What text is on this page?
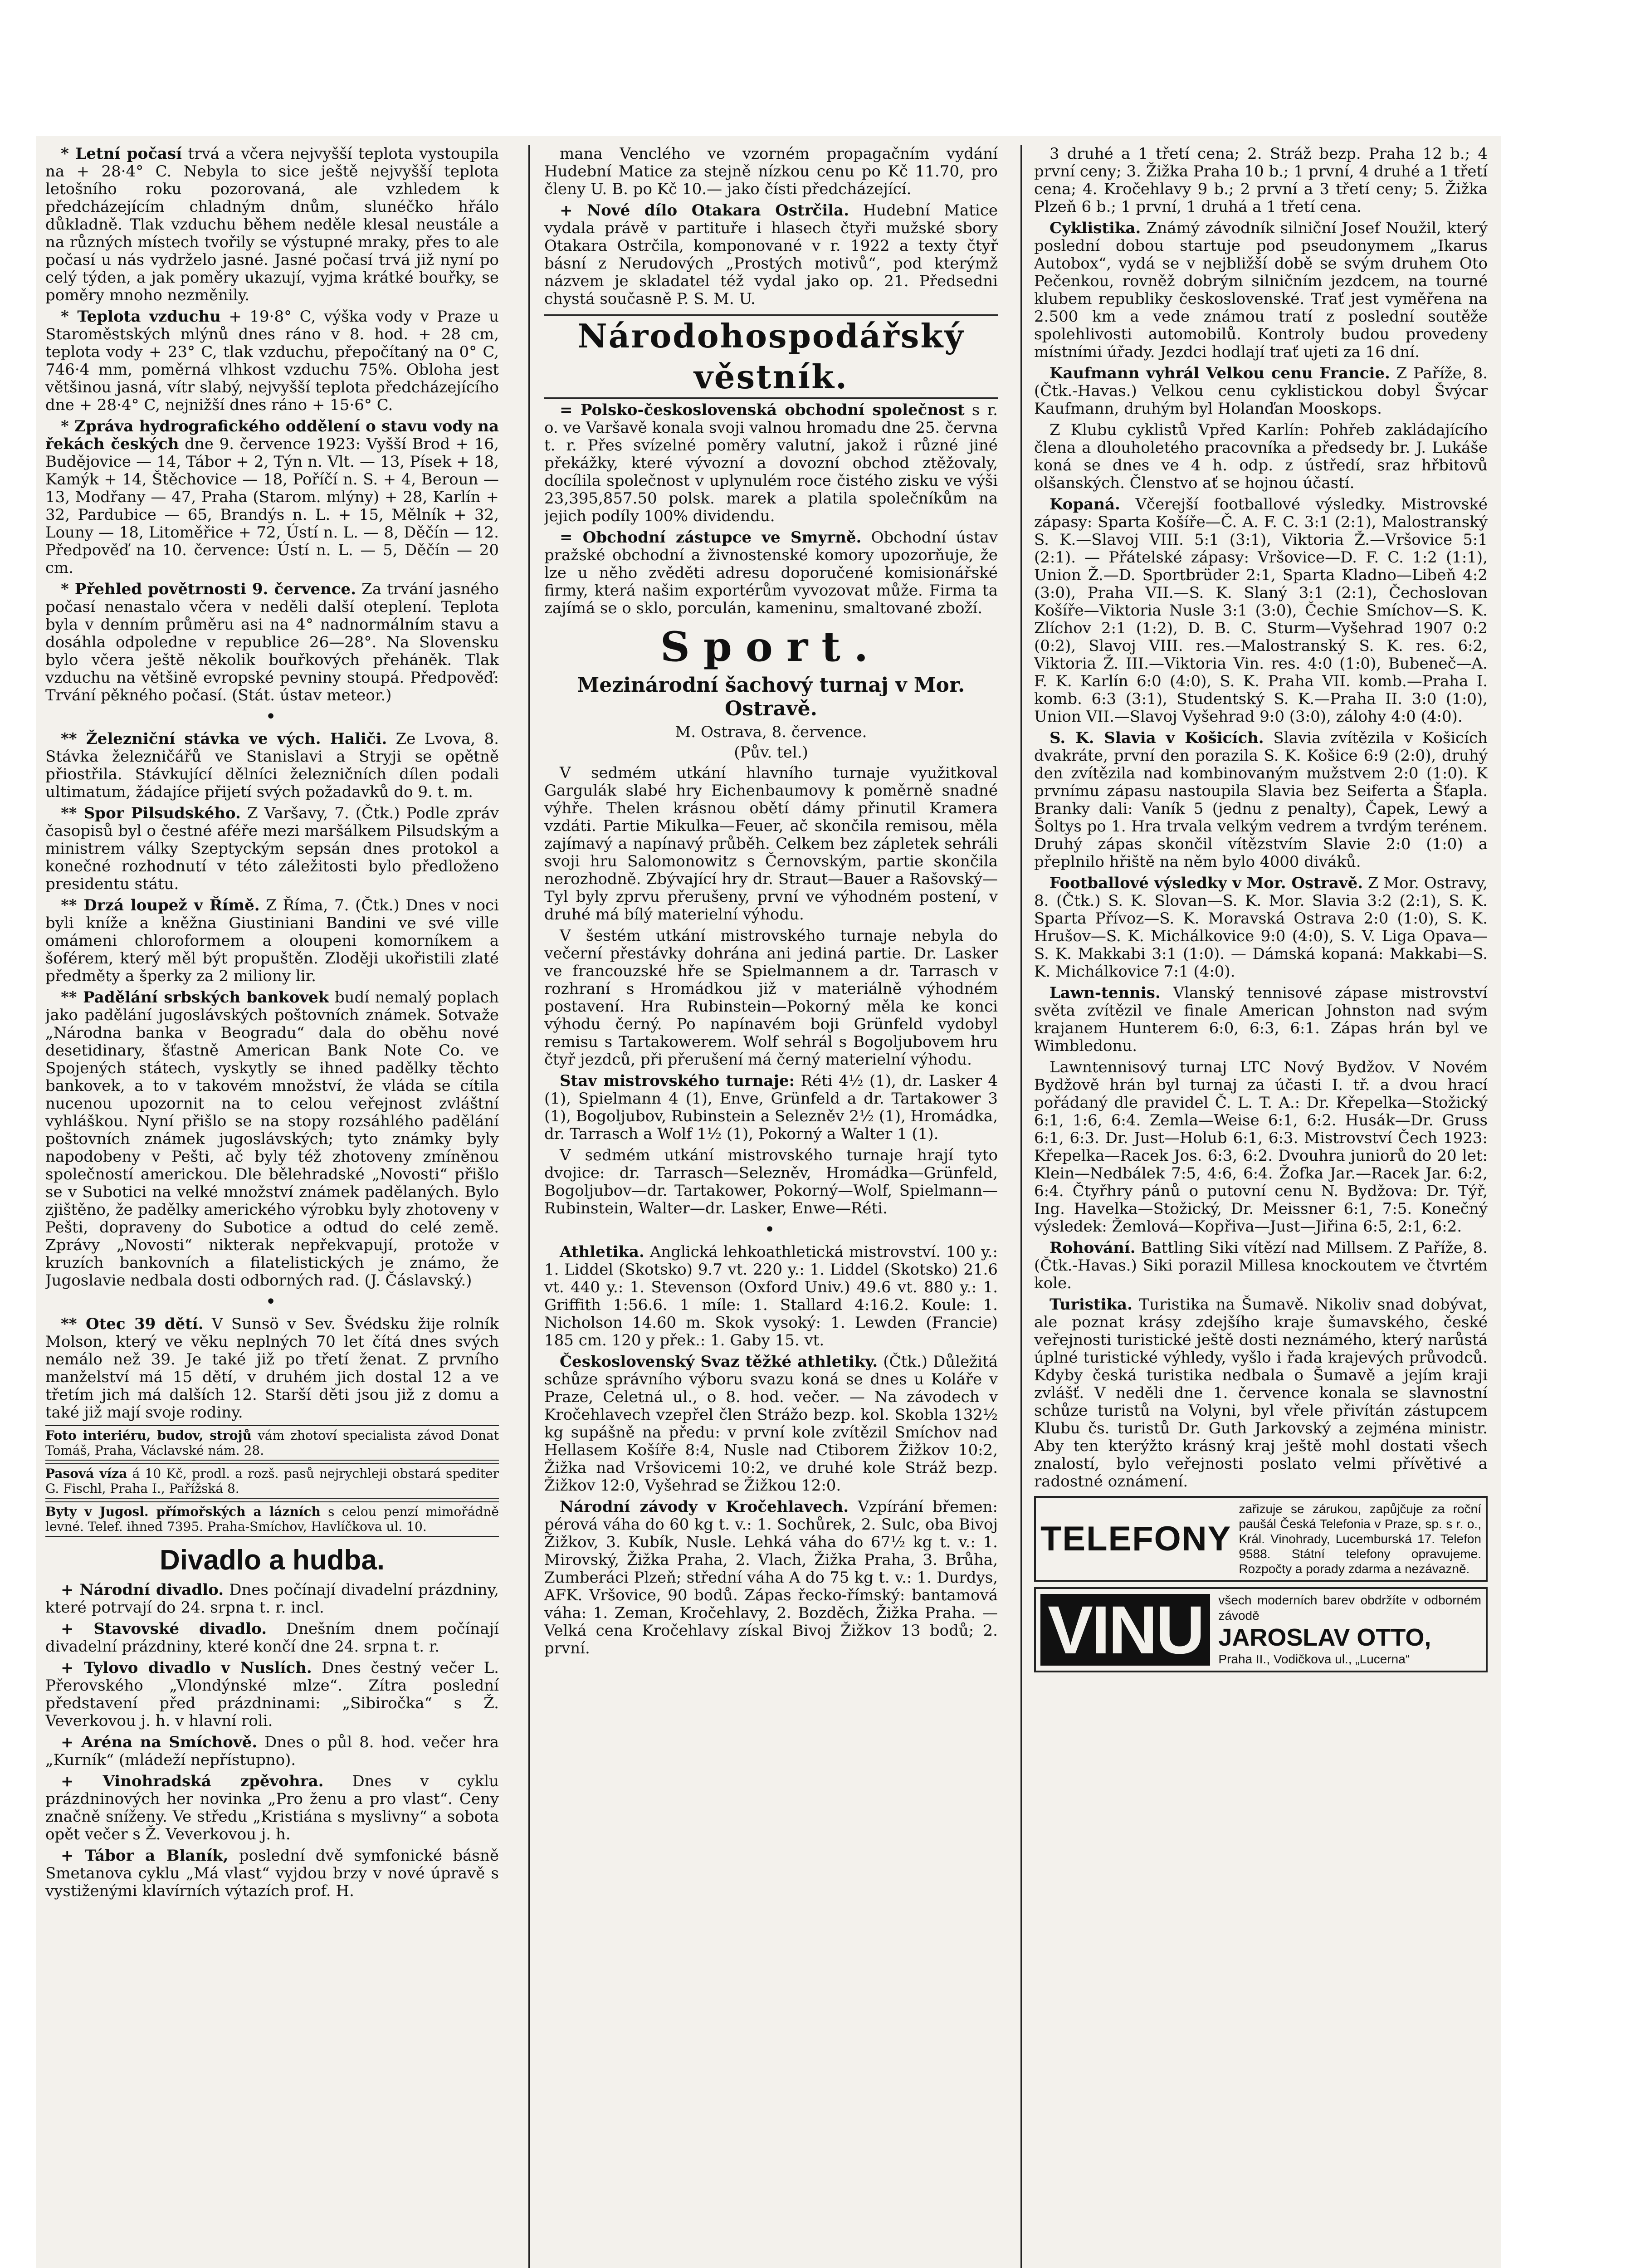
* Letní počasí trvá a včera nejvyšší teplota vystoupila na + 28·4° C. Nebyla to sice ještě nejvyšší teplota letošního roku pozorovaná, ale vzhledem k předcházejícím chladným dnům, slunéčko hřálo důkladně. Tlak vzduchu během neděle klesal neustále a na různých místech tvořily se výstupné mraky, přes to ale počasí u nás vydrželo jasné. Jasné počasí trvá již nyní po celý týden, a jak poměry ukazují, vyjma krátké bouřky, se poměry mnoho nezměnily.

* Teplota vzduchu + 19·8° C, výška vody v Praze u Staroměstských mlýnů dnes ráno v 8. hod. + 28 cm, teplota vody + 23° C, tlak vzduchu, přepočítaný na 0° C, 746·4 mm, poměrná vlhkost vzduchu 75%. Obloha jest většinou jasná, vítr slabý, nejvyšší teplota předcházejícího dne + 28·4° C, nejnižší dnes ráno + 15·6° C.

* Zpráva hydrografického oddělení o stavu vody na řekách českých dne 9. července 1923: Vyšší Brod + 16, Budějovice — 14, Tábor + 2, Týn n. Vlt. — 13, Písek + 18, Kamýk + 14, Štěchovice — 18, Poříčí n. S. + 4, Beroun — 13, Modřany — 47, Praha (Starom. mlýny) + 28, Karlín + 32, Pardubice — 65, Brandýs n. L. + 15, Mělník + 32, Louny — 18, Litoměřice + 72, Ústí n. L. — 8, Děčín — 12. Předpověď na 10. července: Ústí n. L. — 5, Děčín — 20 cm.

* Přehled povětrnosti 9. července. Za trvání jasného počasí nenastalo včera v neděli další oteplení. Teplota byla v denním průměru asi na 4° nadnormálním stavu a dosáhla odpoledne v republice 26—28°. Na Slovensku bylo včera ještě několik bouřkových přeháněk. Tlak vzduchu na většině evropské pevniny stoupá. Předpověď: Trvání pěkného počasí. (Stát. ústav meteor.)

•

** Železniční stávka ve vých. Haliči. Ze Lvova, 8. Stávka železničářů ve Stanislavi a Stryji se opětně přiostřila. Stávkující dělníci železničních dílen podali ultimatum, žádajíce přijetí svých požadavků do 9. t. m.

** Spor Pilsudského. Z Varšavy, 7. (Čtk.) Podle zpráv časopisů byl o čestné aféře mezi maršálkem Pilsudským a ministrem války Szeptyckým sepsán dnes protokol a konečné rozhodnutí v této záležitosti bylo předloženo presidentu státu.

** Drzá loupež v Římě. Z Říma, 7. (Čtk.) Dnes v noci byli kníže a kněžna Giustiniani Bandini ve své ville omámeni chloroformem a oloupeni komorníkem a šoférem, který měl být propuštěn. Zloději ukořistili zlaté předměty a šperky za 2 miliony lir.

** Padělání srbských bankovek budí nemalý poplach jako padělání jugoslávských poštovních známek. Sotvaže „Národna banka v Beogradu“ dala do oběhu nové desetidinary, šťastně American Bank Note Co. ve Spojených státech, vyskytly se ihned padělky těchto bankovek, a to v takovém množství, že vláda se cítila nucenou upozornit na to celou veřejnost zvláštní vyhláškou. Nyní přišlo se na stopy rozsáhlého padělání poštovních známek jugoslávských; tyto známky byly napodobeny v Pešti, ač byly též zhotoveny zmíněnou společností americkou. Dle bělehradské „Novosti“ přišlo se v Subotici na velké množství známek padělaných. Bylo zjištěno, že padělky amerického výrobku byly zhotoveny v Pešti, dopraveny do Subotice a odtud do celé země. Zprávy „Novosti“ nikterak nepřekvapují, protože v kruzích bankovních a filatelistických je známo, že Jugoslavie nedbala dosti odborných rad. (J. Čáslavský.)

•

** Otec 39 dětí. V Sunsö v Sev. Švédsku žije rolník Molson, který ve věku neplných 70 let čítá dnes svých nemálo než 39. Je také již po třetí ženat. Z prvního manželství má 15 dětí, v druhém jich dostal 12 a ve třetím jich má dalších 12. Starší děti jsou již z domu a také již mají svoje rodiny.

Foto interiéru, budov, strojů vám zhotoví specialista závod Donat Tomáš, Praha, Václavské nám. 28.
Pasová víza á 10 Kč, prodl. a rozš. pasů nejrychleji obstará spediter G. Fischl, Praha I., Pařížská 8.
Byty v Jugosl. přímořských a lázních s celou penzí mimořádně levné. Telef. ihned 7395. Praha-Smíchov, Havlíčkova ul. 10.
Divadlo a hudba.

+ Národní divadlo. Dnes počínají divadelní prázdniny, které potrvají do 24. srpna t. r. incl.

+ Stavovské divadlo. Dnešním dnem počínají divadelní prázdniny, které končí dne 24. srpna t. r.

+ Tylovo divadlo v Nuslích. Dnes čestný večer L. Přerovského „Vlondýnské mlze“. Zítra poslední představení před prázdninami: „Sibiročka“ s Ž. Veverkovou j. h. v hlavní roli.

+ Aréna na Smíchově. Dnes o půl 8. hod. večer hra „Kurník“ (mládeží nepřístupno).

+ Vinohradská zpěvohra. Dnes v cyklu prázdninových her novinka „Pro ženu a pro vlast“. Ceny značně sníženy. Ve středu „Kristiána s myslivny“ a sobota opět večer s Ž. Veverkovou j. h.

+ Tábor a Blaník, poslední dvě symfonické básně Smetanova cyklu „Má vlast“ vyjdou brzy v nové úpravě s vystiženými klavírních výtazích prof. H.

mana Venclého ve vzorném propagačním vydání Hudební Matice za stejně nízkou cenu po Kč 11.70, pro členy U. B. po Kč 10.— jako čísti předcházející.

+ Nové dílo Otakara Ostrčila. Hudební Matice vydala právě v partituře i hlasech čtyři mužské sbory Otakara Ostrčila, komponované v r. 1922 a texty čtyř básní z Nerudových „Prostých motivů“, pod kterýmž názvem je skladatel též vydal jako op. 21. Předsedni chystá současně P. S. M. U.

Národohospodářský věstník.

= Polsko-československá obchodní společnost s r. o. ve Varšavě konala svoji valnou hromadu dne 25. června t. r. Přes svízelné poměry valutní, jakož i různé jiné překážky, které vývozní a dovozní obchod ztěžovaly, docílila společnost v uplynulém roce čistého zisku ve výši 23,395,857.50 polsk. marek a platila společníkům na jejich podíly 100% dividendu.

= Obchodní zástupce ve Smyrně. Obchodní ústav pražské obchodní a živnostenské komory upozorňuje, že lze u něho zvěděti adresu doporučené komisionářské firmy, která našim exportérům vyvozovat může. Firma ta zajímá se o sklo, porculán, kameninu, smaltované zboží.

Sport.
Mezinárodní šachový turnaj v Mor. Ostravě.
M. Ostrava, 8. července.
(Pův. tel.)

V sedmém utkání hlavního turnaje využitkoval Gargulák slabé hry Eichenbaumovy k poměrně snadné výhře. Thelen krásnou obětí dámy přinutil Kramera vzdáti. Partie Mikulka—Feuer, ač skončila remisou, měla zajímavý a napínavý průběh. Celkem bez zápletek sehráli svoji hru Salomonowitz s Černovským, partie skončila nerozhodně. Zbývající hry dr. Straut—Bauer a Rašovský—Tyl byly zprvu přerušeny, první ve výhodném postení, v druhé má bílý materielní výhodu.

V šestém utkání mistrovského turnaje nebyla do večerní přestávky dohrána ani jediná partie. Dr. Lasker ve francouzské hře se Spielmannem a dr. Tarrasch v rozhraní s Hromádkou již v materiálně výhodném postavení. Hra Rubinstein—Pokorný měla ke konci výhodu černý. Po napínavém boji Grünfeld vydobyl remisu s Tartakowerem. Wolf sehrál s Bogoljubovem hru čtyř jezdců, při přerušení má černý materielní výhodu.

Stav mistrovského turnaje: Réti 4½ (1), dr. Lasker 4 (1), Spielmann 4 (1), Enve, Grünfeld a dr. Tartakower 3 (1), Bogoljubov, Rubinstein a Selezněv 2½ (1), Hromádka, dr. Tarrasch a Wolf 1½ (1), Pokorný a Walter 1 (1).

V sedmém utkání mistrovského turnaje hrají tyto dvojice: dr. Tarrasch—Selezněv, Hromádka—Grünfeld, Bogoljubov—dr. Tartakower, Pokorný—Wolf, Spielmann—Rubinstein, Walter—dr. Lasker, Enwe—Réti.

•

Athletika. Anglická lehkoathletická mistrovství. 100 y.: 1. Liddel (Skotsko) 9.7 vt. 220 y.: 1. Liddel (Skotsko) 21.6 vt. 440 y.: 1. Stevenson (Oxford Univ.) 49.6 vt. 880 y.: 1. Griffith 1:56.6. 1 míle: 1. Stallard 4:16.2. Koule: 1. Nicholson 14.60 m. Skok vysoký: 1. Lewden (Francie) 185 cm. 120 y přek.: 1. Gaby 15. vt.

Československý Svaz těžké athletiky. (Čtk.) Důležitá schůze správního výboru svazu koná se dnes u Koláře v Praze, Celetná ul., o 8. hod. večer. — Na závodech v Kročehlavech vzepřel člen Strážo bezp. kol. Skobla 132½ kg supášně na předu: v první kole zvítězil Smíchov nad Hellasem Košíře 8:4, Nusle nad Ctiborem Žižkov 10:2, Žižka nad Vršovicemi 10:2, ve druhé kole Stráž bezp. Žižkov 12:0, Vyšehrad se Žižkou 12:0.

Národní závody v Kročehlavech. Vzpírání břemen: pérová váha do 60 kg t. v.: 1. Sochůrek, 2. Sulc, oba Bivoj Žižkov, 3. Kubík, Nusle. Lehká váha do 67½ kg t. v.: 1. Mirovský, Žižka Praha, 2. Vlach, Žižka Praha, 3. Brůha, Zumberáci Plzeň; střední váha A do 75 kg t. v.: 1. Durdys, AFK. Vršovice, 90 bodů. Zápas řecko-římský: bantamová váha: 1. Zeman, Kročehlavy, 2. Bozděch, Žižka Praha. — Velká cena Kročehlavy získal Bivoj Žižkov 13 bodů; 2. první.

3 druhé a 1 třetí cena; 2. Stráž bezp. Praha 12 b.; 4 první ceny; 3. Žižka Praha 10 b.; 1 první, 4 druhé a 1 třetí cena; 4. Kročehlavy 9 b.; 2 první a 3 třetí ceny; 5. Žižka Plzeň 6 b.; 1 první, 1 druhá a 1 třetí cena.

Cyklistika. Známý závodník silniční Josef Noužil, který poslední dobou startuje pod pseudonymem „Ikarus Autobox“, vydá se v nejbližší době se svým druhem Oto Pečenkou, rovněž dobrým silničním jezdcem, na tourné klubem republiky československé. Trať jest vyměřena na 2.500 km a vede známou tratí z poslední soutěže spolehlivosti automobilů. Kontroly budou provedeny místními úřady. Jezdci hodlají trať ujeti za 16 dní.

Kaufmann vyhrál Velkou cenu Francie. Z Paříže, 8. (Čtk.-Havas.) Velkou cenu cyklistickou dobyl Švýcar Kaufmann, druhým byl Holanďan Mooskops.

Z Klubu cyklistů Vpřed Karlín: Pohřeb zakládajícího člena a dlouholetého pracovníka a předsedy br. J. Lukáše koná se dnes ve 4 h. odp. z ústředí, sraz hřbitovů olšanských. Členstvo ať se hojnou účastí.

Kopaná. Včerejší footballové výsledky. Mistrovské zápasy: Sparta Košíře—Č. A. F. C. 3:1 (2:1), Malostranský S. K.—Slavoj VIII. 5:1 (3:1), Viktoria Ž.—Vršovice 5:1 (2:1). — Přátelské zápasy: Vršovice—D. F. C. 1:2 (1:1), Union Ž.—D. Sportbrüder 2:1, Sparta Kladno—Libeň 4:2 (3:0), Praha VII.—S. K. Slaný 3:1 (2:1), Čechoslovan Košíře—Viktoria Nusle 3:1 (3:0), Čechie Smíchov—S. K. Zlíchov 2:1 (1:2), D. B. C. Sturm—Vyšehrad 1907 0:2 (0:2), Slavoj VIII. res.—Malostranský S. K. res. 6:2, Viktoria Ž. III.—Viktoria Vin. res. 4:0 (1:0), Bubeneč—A. F. K. Karlín 6:0 (4:0), S. K. Praha VII. komb.—Praha I. komb. 6:3 (3:1), Studentský S. K.—Praha II. 3:0 (1:0), Union VII.—Slavoj Vyšehrad 9:0 (3:0), zálohy 4:0 (4:0).

S. K. Slavia v Košicích. Slavia zvítězila v Košicích dvakráte, první den porazila S. K. Košice 6:9 (2:0), druhý den zvítězila nad kombinovaným mužstvem 2:0 (1:0). K prvnímu zápasu nastoupila Slavia bez Seiferta a Šťapla. Branky dali: Vaník 5 (jednu z penalty), Čapek, Lewý a Šoltys po 1. Hra trvala velkým vedrem a tvrdým terénem. Druhý zápas skončil vítězstvím Slavie 2:0 (1:0) a přeplnilo hřiště na něm bylo 4000 diváků.

Footballové výsledky v Mor. Ostravě. Z Mor. Ostravy, 8. (Čtk.) S. K. Slovan—S. K. Mor. Slavia 3:2 (2:1), S. K. Sparta Přívoz—S. K. Moravská Ostrava 2:0 (1:0), S. K. Hrušov—S. K. Michálkovice 9:0 (4:0), S. V. Liga Opava—S. K. Makkabi 3:1 (1:0). — Dámská kopaná: Makkabi—S. K. Michálkovice 7:1 (4:0).

Lawn-tennis. Vlanský tennisové zápase mistrovství světa zvítězil ve finale American Johnston nad svým krajanem Hunterem 6:0, 6:3, 6:1. Zápas hrán byl ve Wimbledonu.

Lawntennisový turnaj LTC Nový Bydžov. V Novém Bydžově hrán byl turnaj za účasti I. tř. a dvou hrací pořádaný dle pravidel Č. L. T. A.: Dr. Křepelka—Stožický 6:1, 1:6, 6:4. Zemla—Weise 6:1, 6:2. Husák—Dr. Gruss 6:1, 6:3. Dr. Just—Holub 6:1, 6:3. Mistrovství Čech 1923: Křepelka—Racek Jos. 6:3, 6:2. Dvouhra juniorů do 20 let: Klein—Nedbálek 7:5, 4:6, 6:4. Žofka Jar.—Racek Jar. 6:2, 6:4. Čtyřhry pánů o putovní cenu N. Bydžova: Dr. Týř, Ing. Havelka—Stožický, Dr. Meissner 6:1, 7:5. Konečný výsledek: Žemlová—Kopřiva—Just—Jiřina 6:5, 2:1, 6:2.

Rohování. Battling Siki vítězí nad Millsem. Z Paříže, 8. (Čtk.-Havas.) Siki porazil Millesa knockoutem ve čtvrtém kole.

Turistika. Turistika na Šumavě. Nikoliv snad dobývat, ale poznat krásy zdejšího kraje šumavského, české veřejnosti turistické ještě dosti neznámého, který narůstá úplné turistické výhledy, vyšlo i řada krajevých průvodců. Kdyby česká turistika nedbala o Šumavě a jejím kraji zvlášť. V neděli dne 1. července konala se slavnostní schůze turistů na Volyni, byl vřele přivítán zástupcem Klubu čs. turistů Dr. Guth Jarkovský a zejména ministr. Aby ten kterýžto krásný kraj ještě mohl dostati všech znalostí, bylo veřejnosti poslato velmi přívětivé a radostné oznámení.

TELEFONY
zařizuje se zárukou, zapůjčuje za roční paušál Česká Telefonia v Praze, sp. s r. o., Král. Vinohrady, Lucemburská 17. Telefon 9588. Státní telefony opravujeme. Rozpočty a porady zdarma a nezávazně.
VINU	všech moderních barev obdržíte v odborném závodě
JAROSLAV OTTO,
Praha II., Vodičkova ul., „Lucerna“
